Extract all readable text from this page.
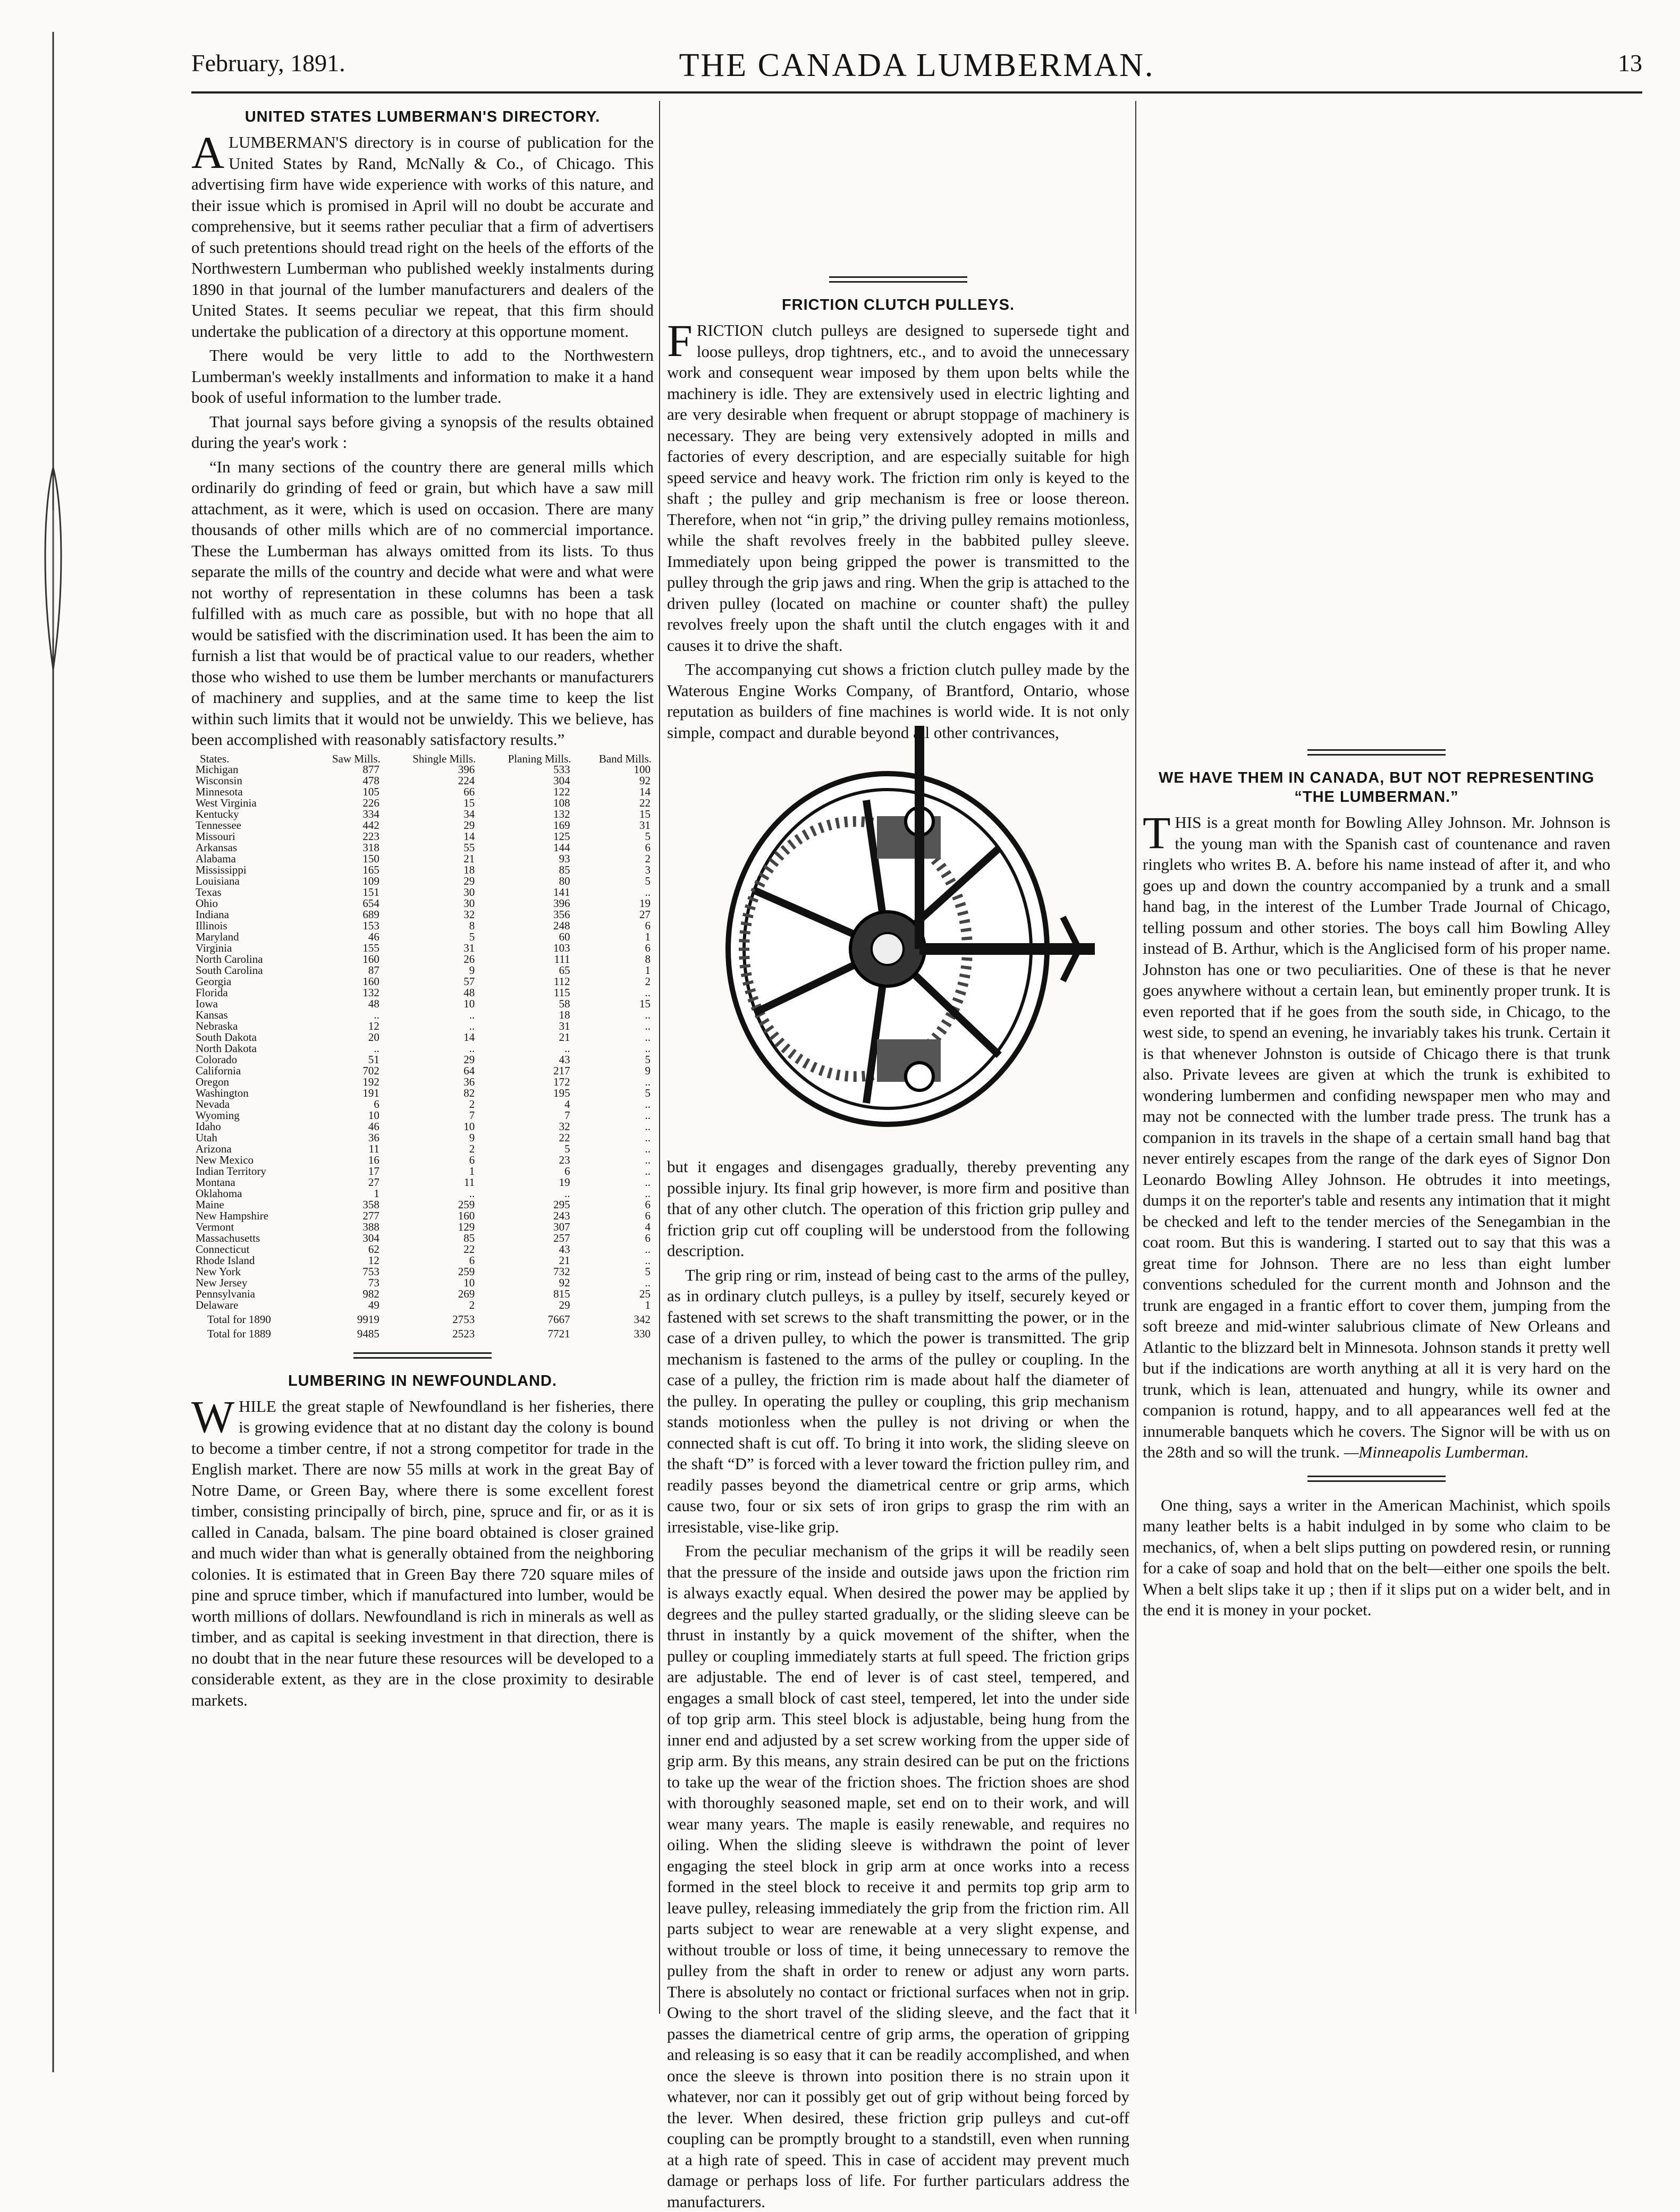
February, 1891.	THE CANADA LUMBERMAN.	13
UNITED STATES LUMBERMAN'S DIRECTORY.

ALUMBERMAN'S directory is in course of publication for the United States by Rand, McNally & Co., of Chicago. This advertising firm have wide experience with works of this nature, and their issue which is promised in April will no doubt be accurate and comprehensive, but it seems rather peculiar that a firm of advertisers of such pretentions should tread right on the heels of the efforts of the Northwestern Lumberman who published weekly instalments during 1890 in that journal of the lumber manufacturers and dealers of the United States. It seems peculiar we repeat, that this firm should undertake the publication of a directory at this opportune moment.

There would be very little to add to the Northwestern Lumberman's weekly installments and information to make it a hand book of useful information to the lumber trade.

That journal says before giving a synopsis of the results obtained during the year's work :

“In many sections of the country there are general mills which ordinarily do grinding of feed or grain, but which have a saw mill attachment, as it were, which is used on occasion. There are many thousands of other mills which are of no commercial importance. These the Lumberman has always omitted from its lists. To thus separate the mills of the country and decide what were and what were not worthy of representation in these columns has been a task fulfilled with as much care as possible, but with no hope that all would be satisfied with the discrimination used. It has been the aim to furnish a list that would be of practical value to our readers, whether those who wished to use them be lumber merchants or manufacturers of machinery and supplies, and at the same time to keep the list within such limits that it would not be unwieldy. This we believe, has been accomplished with reasonably satisfactory results.”

States.	Saw Mills.	Shingle Mills.	Planing Mills.	Band Mills.
Michigan	877	396	533	100
Wisconsin	478	224	304	92
Minnesota	105	66	122	14
West Virginia	226	15	108	22
Kentucky	334	34	132	15
Tennessee	442	29	169	31
Missouri	223	14	125	5
Arkansas	318	55	144	6
Alabama	150	21	93	2
Mississippi	165	18	85	3
Louisiana	109	29	80	5
Texas	151	30	141	..
Ohio	654	30	396	19
Indiana	689	32	356	27
Illinois	153	8	248	6
Maryland	46	5	60	1
Virginia	155	31	103	6
North Carolina	160	26	111	8
South Carolina	87	9	65	1
Georgia	160	57	112	2
Florida	132	48	115	..
Iowa	48	10	58	15
Kansas	..	..	18	..
Nebraska	12	..	31	..
South Dakota	20	14	21	..
North Dakota	..	..	..	..
Colorado	51	29	43	5
California	702	64	217	9
Oregon	192	36	172	..
Washington	191	82	195	5
Nevada	6	2	4	..
Wyoming	10	7	7	..
Idaho	46	10	32	..
Utah	36	9	22	..
Arizona	11	2	5	..
New Mexico	16	6	23	..
Indian Territory	17	1	6	..
Montana	27	11	19	..
Oklahoma	1	..	..	..
Maine	358	259	295	6
New Hampshire	277	160	243	6
Vermont	388	129	307	4
Massachusetts	304	85	257	6
Connecticut	62	22	43	..
Rhode Island	12	6	21	..
New York	753	259	732	5
New Jersey	73	10	92	..
Pennsylvania	982	269	815	25
Delaware	49	2	29	1
Total for 1890	9919	2753	7667	342
Total for 1889	9485	2523	7721	330
LUMBERING IN NEWFOUNDLAND.

WHILE the great staple of Newfoundland is her fisheries, there is growing evidence that at no distant day the colony is bound to become a timber centre, if not a strong competitor for trade in the English market. There are now 55 mills at work in the great Bay of Notre Dame, or Green Bay, where there is some excellent forest timber, consisting principally of birch, pine, spruce and fir, or as it is called in Canada, balsam. The pine board obtained is closer grained and much wider than what is generally obtained from the neighboring colonies. It is estimated that in Green Bay there 720 square miles of pine and spruce timber, which if manufactured into lumber, would be worth millions of dollars. Newfoundland is rich in minerals as well as timber, and as capital is seeking investment in that direction, there is no doubt that in the near future these resources will be developed to a considerable extent, as they are in the close proximity to desirable markets.

FRICTION CLUTCH PULLEYS.

FRICTION clutch pulleys are designed to supersede tight and loose pulleys, drop tightners, etc., and to avoid the unnecessary work and consequent wear imposed by them upon belts while the machinery is idle. They are extensively used in electric lighting and are very desirable when frequent or abrupt stoppage of machinery is necessary. They are being very extensively adopted in mills and factories of every description, and are especially suitable for high speed service and heavy work. The friction rim only is keyed to the shaft ; the pulley and grip mechanism is free or loose thereon. Therefore, when not “in grip,” the driving pulley remains motionless, while the shaft revolves freely in the babbited pulley sleeve. Immediately upon being gripped the power is transmitted to the pulley through the grip jaws and ring. When the grip is attached to the driven pulley (located on machine or counter shaft) the pulley revolves freely upon the shaft until the clutch engages with it and causes it to drive the shaft.

The accompanying cut shows a friction clutch pulley made by the Waterous Engine Works Company, of Brantford, Ontario, whose reputation as builders of fine machines is world wide. It is not only simple, compact and durable beyond all other contrivances,

but it engages and disengages gradually, thereby preventing any possible injury. Its final grip however, is more firm and positive than that of any other clutch. The operation of this friction grip pulley and friction grip cut off coupling will be understood from the following description.

The grip ring or rim, instead of being cast to the arms of the pulley, as in ordinary clutch pulleys, is a pulley by itself, securely keyed or fastened with set screws to the shaft transmitting the power, or in the case of a driven pulley, to which the power is transmitted. The grip mechanism is fastened to the arms of the pulley or coupling. In the case of a pulley, the friction rim is made about half the diameter of the pulley. In operating the pulley or coupling, this grip mechanism stands motionless when the pulley is not driving or when the connected shaft is cut off. To bring it into work, the sliding sleeve on the shaft “D” is forced with a lever toward the friction pulley rim, and readily passes beyond the diametrical centre or grip arms, which cause two, four or six sets of iron grips to grasp the rim with an irresistable, vise-like grip.

From the peculiar mechanism of the grips it will be readily seen that the pressure of the inside and outside jaws upon the friction rim is always exactly equal. When desired the power may be applied by degrees and the pulley started gradually, or the sliding sleeve can be thrust in instantly by a quick movement of the shifter, when the pulley or coupling immediately starts at full speed. The friction grips are adjustable. The end of lever is of cast steel, tempered, and engages a small block of cast steel, tempered, let into the under side of top grip arm. This steel block is adjustable, being hung from the inner end and adjusted by a set screw working from the upper side of grip arm. By this means, any strain desired can be put on the frictions to take up the wear of the friction shoes. The friction shoes are shod with thoroughly seasoned maple, set end on to their work, and will wear many years. The maple is easily renewable, and requires no oiling. When the sliding sleeve is withdrawn the point of lever engaging the steel block in grip arm at once works into a recess formed in the steel block to receive it and permits top grip arm to leave pulley, releasing immediately the grip from the friction rim. All parts subject to wear are renewable at a very slight expense, and without trouble or loss of time, it being unnecessary to remove the pulley from the shaft in order to renew or adjust any worn parts. There is absolutely no contact or frictional surfaces when not in grip. Owing to the short travel of the sliding sleeve, and the fact that it passes the diametrical centre of grip arms, the operation of gripping and releasing is so easy that it can be readily accomplished, and when once the sleeve is thrown into position there is no strain upon it whatever, nor can it possibly get out of grip without being forced by the lever. When desired, these friction grip pulleys and cut-off coupling can be promptly brought to a standstill, even when running at a high rate of speed. This in case of accident may prevent much damage or perhaps loss of life. For further particulars address the manufacturers.

WE HAVE THEM IN CANADA, BUT NOT REPRESENTING “THE LUMBERMAN.”

THIS is a great month for Bowling Alley Johnson. Mr. Johnson is the young man with the Spanish cast of countenance and raven ringlets who writes B. A. before his name instead of after it, and who goes up and down the country accompanied by a trunk and a small hand bag, in the interest of the Lumber Trade Journal of Chicago, telling possum and other stories. The boys call him Bowling Alley instead of B. Arthur, which is the Anglicised form of his proper name. Johnston has one or two peculiarities. One of these is that he never goes anywhere without a certain lean, but eminently proper trunk. It is even reported that if he goes from the south side, in Chicago, to the west side, to spend an evening, he invariably takes his trunk. Certain it is that whenever Johnston is outside of Chicago there is that trunk also. Private levees are given at which the trunk is exhibited to wondering lumbermen and confiding newspaper men who may and may not be connected with the lumber trade press. The trunk has a companion in its travels in the shape of a certain small hand bag that never entirely escapes from the range of the dark eyes of Signor Don Leonardo Bowling Alley Johnson. He obtrudes it into meetings, dumps it on the reporter's table and resents any intimation that it might be checked and left to the tender mercies of the Senegambian in the coat room. But this is wandering. I started out to say that this was a great time for Johnson. There are no less than eight lumber conventions scheduled for the current month and Johnson and the trunk are engaged in a frantic effort to cover them, jumping from the soft breeze and mid-winter salubrious climate of New Orleans and Atlantic to the blizzard belt in Minnesota. Johnson stands it pretty well but if the indications are worth anything at all it is very hard on the trunk, which is lean, attenuated and hungry, while its owner and companion is rotund, happy, and to all appearances well fed at the innumerable banquets which he covers. The Signor will be with us on the 28th and so will the trunk. —Minneapolis Lumberman.

One thing, says a writer in the American Machinist, which spoils many leather belts is a habit indulged in by some who claim to be mechanics, of, when a belt slips putting on powdered resin, or running for a cake of soap and hold that on the belt—either one spoils the belt. When a belt slips take it up ; then if it slips put on a wider belt, and in the end it is money in your pocket.
